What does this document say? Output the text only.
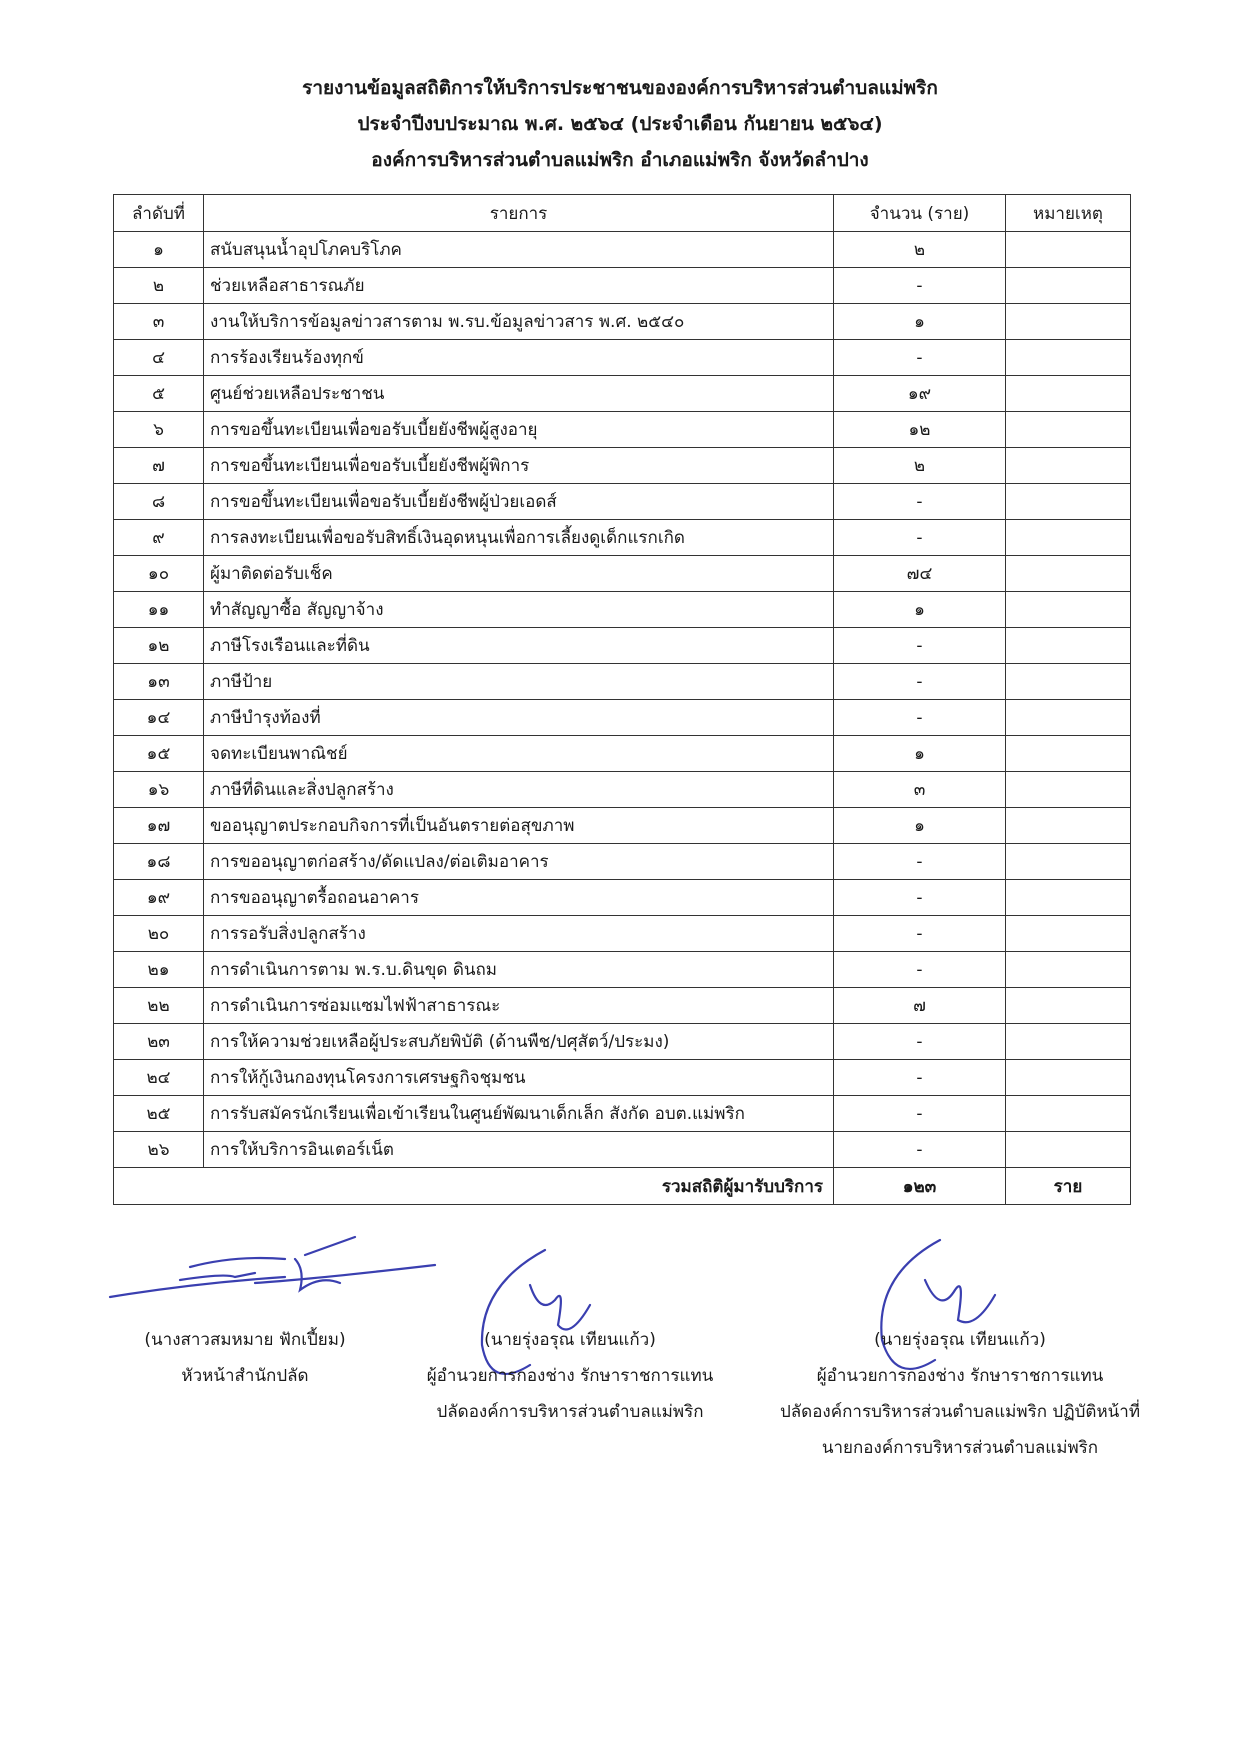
รายงานข้อมูลสถิติการให้บริการประชาชนขององค์การบริหารส่วนตำบลแม่พริก
ประจำปีงบประมาณ พ.ศ. ๒๕๖๔ (ประจำเดือน กันยายน ๒๕๖๔)
องค์การบริหารส่วนตำบลแม่พริก อำเภอแม่พริก จังหวัดลำปาง
ลำดับที่	รายการ	จำนวน (ราย)	หมายเหตุ
๑	สนับสนุนน้ำอุปโภคบริโภค	๒	
๒	ช่วยเหลือสาธารณภัย	-	
๓	งานให้บริการข้อมูลข่าวสารตาม พ.รบ.ข้อมูลข่าวสาร พ.ศ. ๒๕๔๐	๑	
๔	การร้องเรียนร้องทุกข์	-	
๕	ศูนย์ช่วยเหลือประชาชน	๑๙	
๖	การขอขึ้นทะเบียนเพื่อขอรับเบี้ยยังชีพผู้สูงอายุ	๑๒	
๗	การขอขึ้นทะเบียนเพื่อขอรับเบี้ยยังชีพผู้พิการ	๒	
๘	การขอขึ้นทะเบียนเพื่อขอรับเบี้ยยังชีพผู้ป่วยเอดส์	-	
๙	การลงทะเบียนเพื่อขอรับสิทธิ์เงินอุดหนุนเพื่อการเลี้ยงดูเด็กแรกเกิด	-	
๑๐	ผู้มาติดต่อรับเช็ค	๗๔	
๑๑	ทำสัญญาซื้อ สัญญาจ้าง	๑	
๑๒	ภาษีโรงเรือนและที่ดิน	-	
๑๓	ภาษีป้าย	-	
๑๔	ภาษีบำรุงท้องที่	-	
๑๕	จดทะเบียนพาณิชย์	๑	
๑๖	ภาษีที่ดินและสิ่งปลูกสร้าง	๓	
๑๗	ขออนุญาตประกอบกิจการที่เป็นอันตรายต่อสุขภาพ	๑	
๑๘	การขออนุญาตก่อสร้าง/ดัดแปลง/ต่อเติมอาคาร	-	
๑๙	การขออนุญาตรื้อถอนอาคาร	-	
๒๐	การรอรับสิ่งปลูกสร้าง	-	
๒๑	การดำเนินการตาม พ.ร.บ.ดินขุด ดินถม	-	
๒๒	การดำเนินการซ่อมแซมไฟฟ้าสาธารณะ	๗	
๒๓	การให้ความช่วยเหลือผู้ประสบภัยพิบัติ (ด้านพืช/ปศุสัตว์/ประมง)	-	
๒๔	การให้กู้เงินกองทุนโครงการเศรษฐกิจชุมชน	-	
๒๕	การรับสมัครนักเรียนเพื่อเข้าเรียนในศูนย์พัฒนาเด็กเล็ก สังกัด อบต.แม่พริก	-	
๒๖	การให้บริการอินเตอร์เน็ต	-	
	รวมสถิติผู้มารับบริการ	๑๒๓	ราย
(นางสาวสมหมาย ฟักเปี้ยม)
หัวหน้าสำนักปลัด
(นายรุ่งอรุณ เทียนแก้ว)
ผู้อำนวยการกองช่าง รักษาราชการแทน
ปลัดองค์การบริหารส่วนตำบลแม่พริก
(นายรุ่งอรุณ เทียนแก้ว)
ผู้อำนวยการกองช่าง รักษาราชการแทน
ปลัดองค์การบริหารส่วนตำบลแม่พริก ปฏิบัติหน้าที่
นายกองค์การบริหารส่วนตำบลแม่พริก
